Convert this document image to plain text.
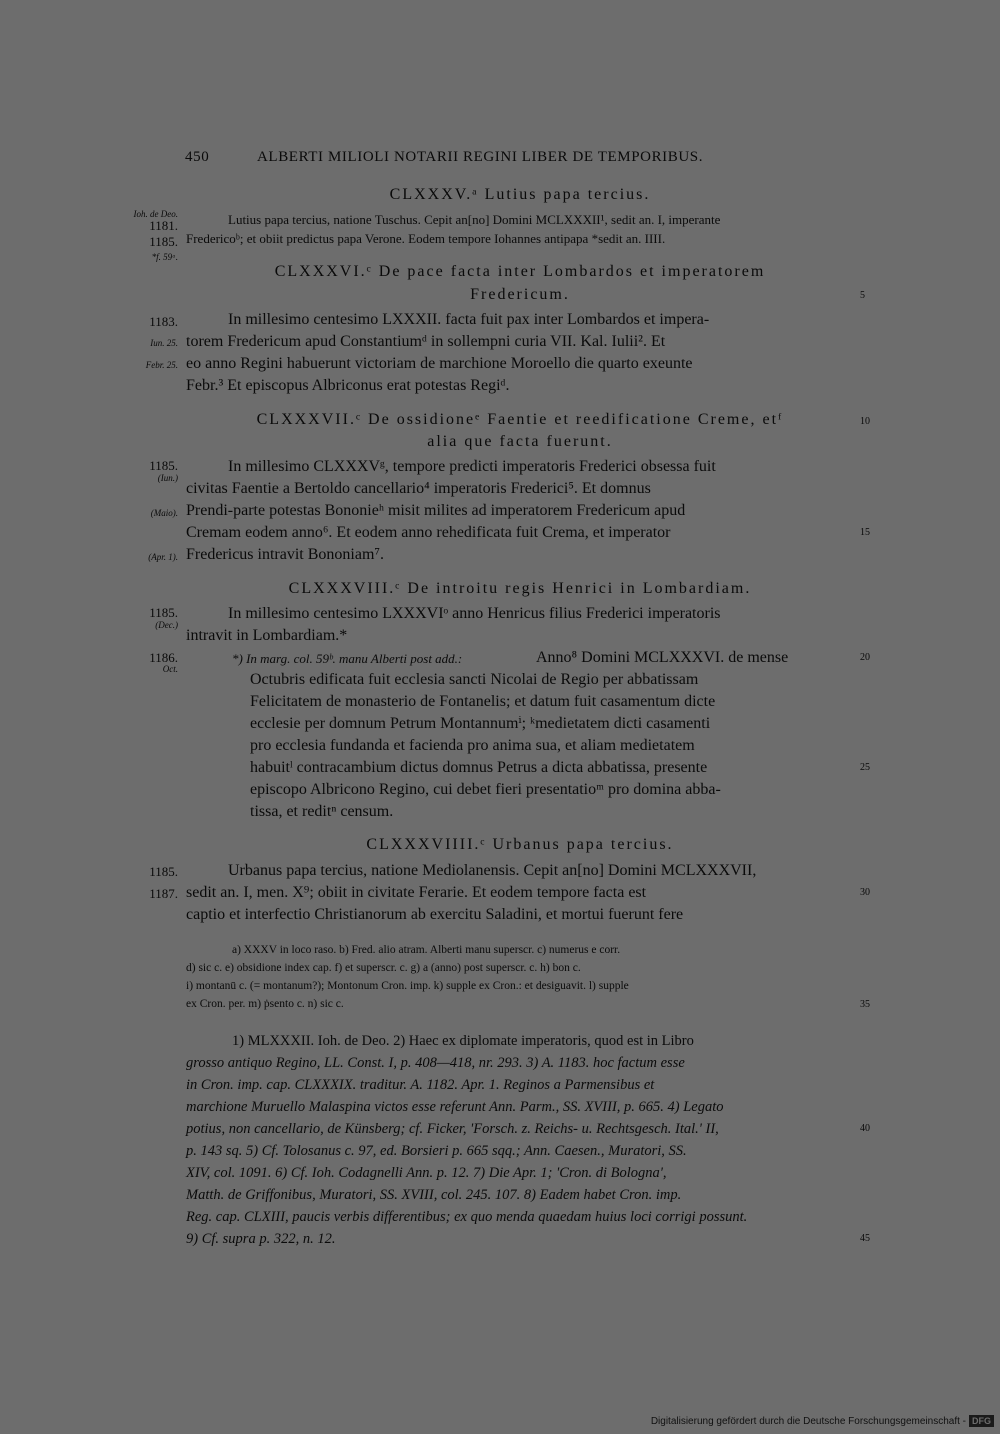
450	ALBERTI MILIOLI NOTARII REGINI LIBER DE TEMPORIBUS.
CLXXXV.ᵃ Lutius papa tercius.
Ioh. de Deo.
1181.
1185.
*f. 59ᵃ.
Lutius papa tercius, natione Tuschus. Cepit an[no] Domini MCLXXXII¹, sedit an. I, imperante
Fredericoᵇ; et obiit predictus papa Verone. Eodem tempore Iohannes antipapa *sedit an. IIII.
CLXXXVI.ᶜ De pace facta inter Lombardos et imperatorem
Fredericum.	5
1183.
Iun. 25.
Febr. 25.
In millesimo centesimo LXXXII. facta fuit pax inter Lombardos et impera-
torem Fredericum apud Constantiumᵈ in sollempni curia VII. Kal. Iulii². Et
eo anno Regini habuerunt victoriam de marchione Moroello die quarto exeunte
Febr.³ Et episcopus Albriconus erat potestas Regiᵈ.
CLXXXVII.ᶜ De ossidioneᵉ Faentie et reedificatione Creme, etᶠ	10
alia que facta fuerunt.
1185.
(Iun.)
(Maio).
(Apr. 1).
In millesimo CLXXXVᵍ, tempore predicti imperatoris Frederici obsessa fuit
civitas Faentie a Bertoldo cancellario⁴ imperatoris Frederici⁵. Et domnus
Prendi-parte potestas Bononieʰ misit milites ad imperatorem Fredericum apud
Cremam eodem anno⁶. Et eodem anno rehedificata fuit Crema, et imperator	15
Fredericus intravit Bononiam⁷.
CLXXXVIII.ᶜ De introitu regis Henrici in Lombardiam.
1185.
(Dec.)
1186.
Oct.
In millesimo centesimo LXXXVIᵒ anno Henricus filius Frederici imperatoris
intravit in Lombardiam.*
*) In marg. col. 59ᵇ. manu Alberti post add.:	Anno⁸ Domini MCLXXXVI. de mense	20
Octubris edificata fuit ecclesia sancti Nicolai de Regio per abbatissam
Felicitatem de monasterio de Fontanelis; et datum fuit casamentum dicte
ecclesie per domnum Petrum Montannumⁱ; ᵏmedietatem dicti casamenti
pro ecclesia fundanda et facienda pro anima sua, et aliam medietatem
habuitˡ contracambium dictus domnus Petrus a dicta abbatissa, presente	25
episcopo Albricono Regino, cui debet fieri presentatioᵐ pro domina abba-
tissa, et reditⁿ censum.
CLXXXVIIII.ᶜ Urbanus papa tercius.
1185.
1187.
Urbanus papa tercius, natione Mediolanensis. Cepit an[no] Domini MCLXXXVII,
sedit an. I, men. X⁹; obiit in civitate Ferarie. Et eodem tempore facta est	30
captio et interfectio Christianorum ab exercitu Saladini, et mortui fuerunt fere
a) XXXV in loco raso. b) Fred. alio atram. Alberti manu superscr. c) numerus e corr.
d) sic c. e) obsidione index cap. f) et superscr. c. g) a (anno) post superscr. c. h) bon c.
i) montanū c. (= montanum?); Montonum Cron. imp. k) supple ex Cron.: et desiguavit. l) supple
ex Cron. per. m) ṗsento c. n) sic c.	35
1) MLXXXII. Ioh. de Deo. 2) Haec ex diplomate imperatoris, quod est in Libro
grosso antiquo Regino, LL. Const. I, p. 408—418, nr. 293. 3) A. 1183. hoc factum esse
in Cron. imp. cap. CLXXXIX. traditur. A. 1182. Apr. 1. Reginos a Parmensibus et
marchione Muruello Malaspina victos esse referunt Ann. Parm., SS. XVIII, p. 665. 4) Legato
potius, non cancellario, de Künsberg; cf. Ficker, 'Forsch. z. Reichs- u. Rechtsgesch. Ital.' II,	40
p. 143 sq. 5) Cf. Tolosanus c. 97, ed. Borsieri p. 665 sqq.; Ann. Caesen., Muratori, SS.
XIV, col. 1091. 6) Cf. Ioh. Codagnelli Ann. p. 12. 7) Die Apr. 1; 'Cron. di Bologna',
Matth. de Griffonibus, Muratori, SS. XVIII, col. 245. 107. 8) Eadem habet Cron. imp.
Reg. cap. CLXIII, paucis verbis differentibus; ex quo menda quaedam huius loci corrigi possunt.
9) Cf. supra p. 322, n. 12.	45
Digitalisierung gefördert durch die Deutsche Forschungsgemeinschaft - DFG
